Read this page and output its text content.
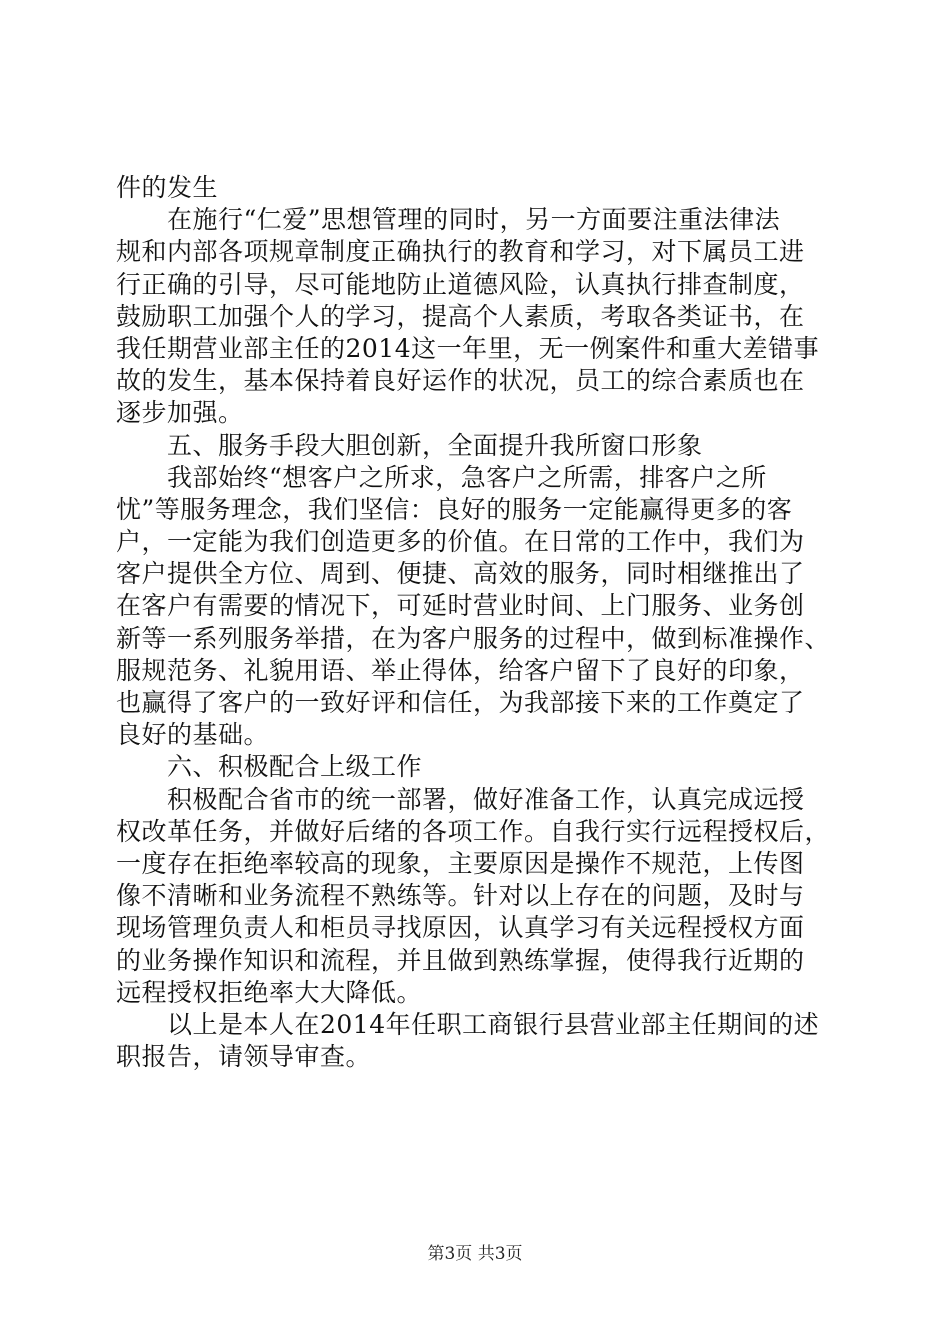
件的发生
　　在施行“仁爱”思想管理的同时，另一方面要注重法律法
规和内部各项规章制度正确执行的教育和学习，对下属员工进
行正确的引导，尽可能地防止道德风险，认真执行排查制度，
鼓励职工加强个人的学习，提高个人素质，考取各类证书，在
我任期营业部主任的2014这一年里，无一例案件和重大差错事
故的发生，基本保持着良好运作的状况，员工的综合素质也在
逐步加强。
　　五、服务手段大胆创新，全面提升我所窗口形象
　　我部始终“想客户之所求，急客户之所需，排客户之所
忧”等服务理念，我们坚信：良好的服务一定能赢得更多的客
户，一定能为我们创造更多的价值。在日常的工作中，我们为
客户提供全方位、周到、便捷、高效的服务，同时相继推出了
在客户有需要的情况下，可延时营业时间、上门服务、业务创
新等一系列服务举措，在为客户服务的过程中，做到标准操作、
服规范务、礼貌用语、举止得体，给客户留下了良好的印象，
也赢得了客户的一致好评和信任，为我部接下来的工作奠定了
良好的基础。
　　六、积极配合上级工作
　　积极配合省市的统一部署，做好准备工作，认真完成远授
权改革任务，并做好后绪的各项工作。自我行实行远程授权后，
一度存在拒绝率较高的现象，主要原因是操作不规范，上传图
像不清晰和业务流程不熟练等。针对以上存在的问题，及时与
现场管理负责人和柜员寻找原因，认真学习有关远程授权方面
的业务操作知识和流程，并且做到熟练掌握，使得我行近期的
远程授权拒绝率大大降低。
　　以上是本人在2014年任职工商银行县营业部主任期间的述
职报告，请领导审查。
第3页 共3页
